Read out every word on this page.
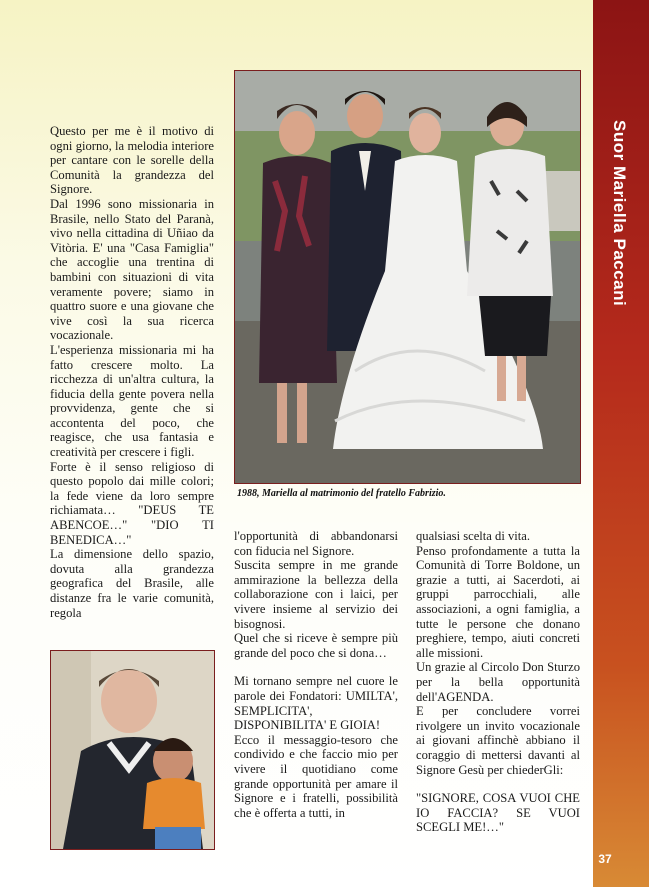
Suor Mariella Paccani
37
1988, Mariella al matrimonio del fratello Fabrizio.

Questo per me è il motivo di ogni giorno, la melodia interiore per cantare con le sorelle della Comunità la grandezza del Signore.

Dal 1996 sono missionaria in Brasile, nello Stato del Paranà, vivo nella cittadina di Uñiao da Vitòria. E' una "Casa Famiglia" che accoglie una trentina di bambini con situazioni di vita veramente povere; siamo in quattro suore e una giovane che vive così la sua ricerca vocazionale.

L'esperienza missionaria mi ha fatto crescere molto. La ricchezza di un'altra cultura, la fiducia della gente povera nella provvidenza, gente che si accontenta del poco, che reagisce, che usa fantasia e creatività per crescere i figli.

Forte è il senso religioso di questo popolo dai mille colori; la fede viene da loro sempre richiamata… "DEUS TE ABENCOE…" "DIO TI BENEDICA…"

La dimensione dello spazio, dovuta alla grandezza geografica del Brasile, alle distanze fra le varie comunità, regola

l'opportunità di abbandonarsi con fiducia nel Signore.

Suscita sempre in me grande ammirazione la bellezza della collaborazione con i laici, per vivere insieme al servizio dei bisognosi.

Quel che si riceve è sempre più grande del poco che si dona…

Mi tornano sempre nel cuore le parole dei Fondatori: UMILTA', SEMPLICITA', DISPONIBILITA' E GIOIA!

Ecco il messaggio-tesoro che condivido e che faccio mio per vivere il quotidiano come grande opportunità per amare il Signore e i fratelli, possibilità che è offerta a tutti, in

qualsiasi scelta di vita.

Penso profondamente a tutta la Comunità di Torre Boldone, un grazie a tutti, ai Sacerdoti, ai gruppi parrocchiali, alle associazioni, a ogni famiglia, a tutte le persone che donano preghiere, tempo, aiuti concreti alle missioni.

Un grazie al Circolo Don Sturzo per la bella opportunità dell'AGENDA.

E per concludere vorrei rivolgere un invito vocazionale ai giovani affinchè abbiano il coraggio di mettersi davanti al Signore Gesù per chiederGli:

"SIGNORE, COSA VUOI CHE IO FACCIA? SE VUOI SCEGLI ME!…"
